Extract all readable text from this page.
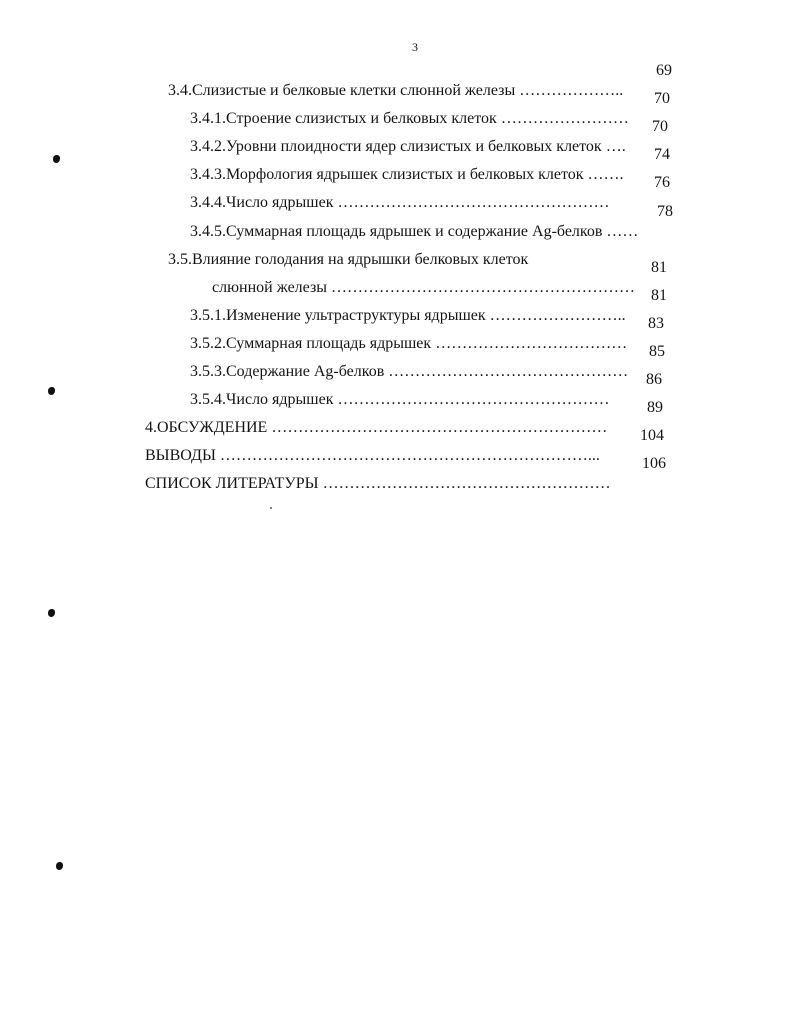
3

3.4.Слизистые и белковые клетки слюнной железы ………………..

69

3.4.1.Строение слизистых и белковых клеток ……………………

70

3.4.2.Уровни плоидности ядер слизистых и белковых клеток ….

70

3.4.3.Морфология ядрышек слизистых и белковых клеток …….

74

3.4.4.Число ядрышек ……………………………………………

76

3.4.5.Суммарная площадь ядрышек и содержание Ag-белков ……

78

3.5.Влияние голодания на ядрышки белковых клеток

слюнной железы …………………………………………………

81

3.5.1.Изменение ультраструктуры ядрышек ……………………..

81

3.5.2.Суммарная площадь ядрышек ………………………………

83

3.5.3.Содержание Ag-белков ………………………………………

85

3.5.4.Число ядрышек ……………………………………………

86

4.ОБСУЖДЕНИЕ ………………………………………………………

89

ВЫВОДЫ ……………………………………………………………...

104

СПИСОК ЛИТЕРАТУРЫ ………………………………………………

106
